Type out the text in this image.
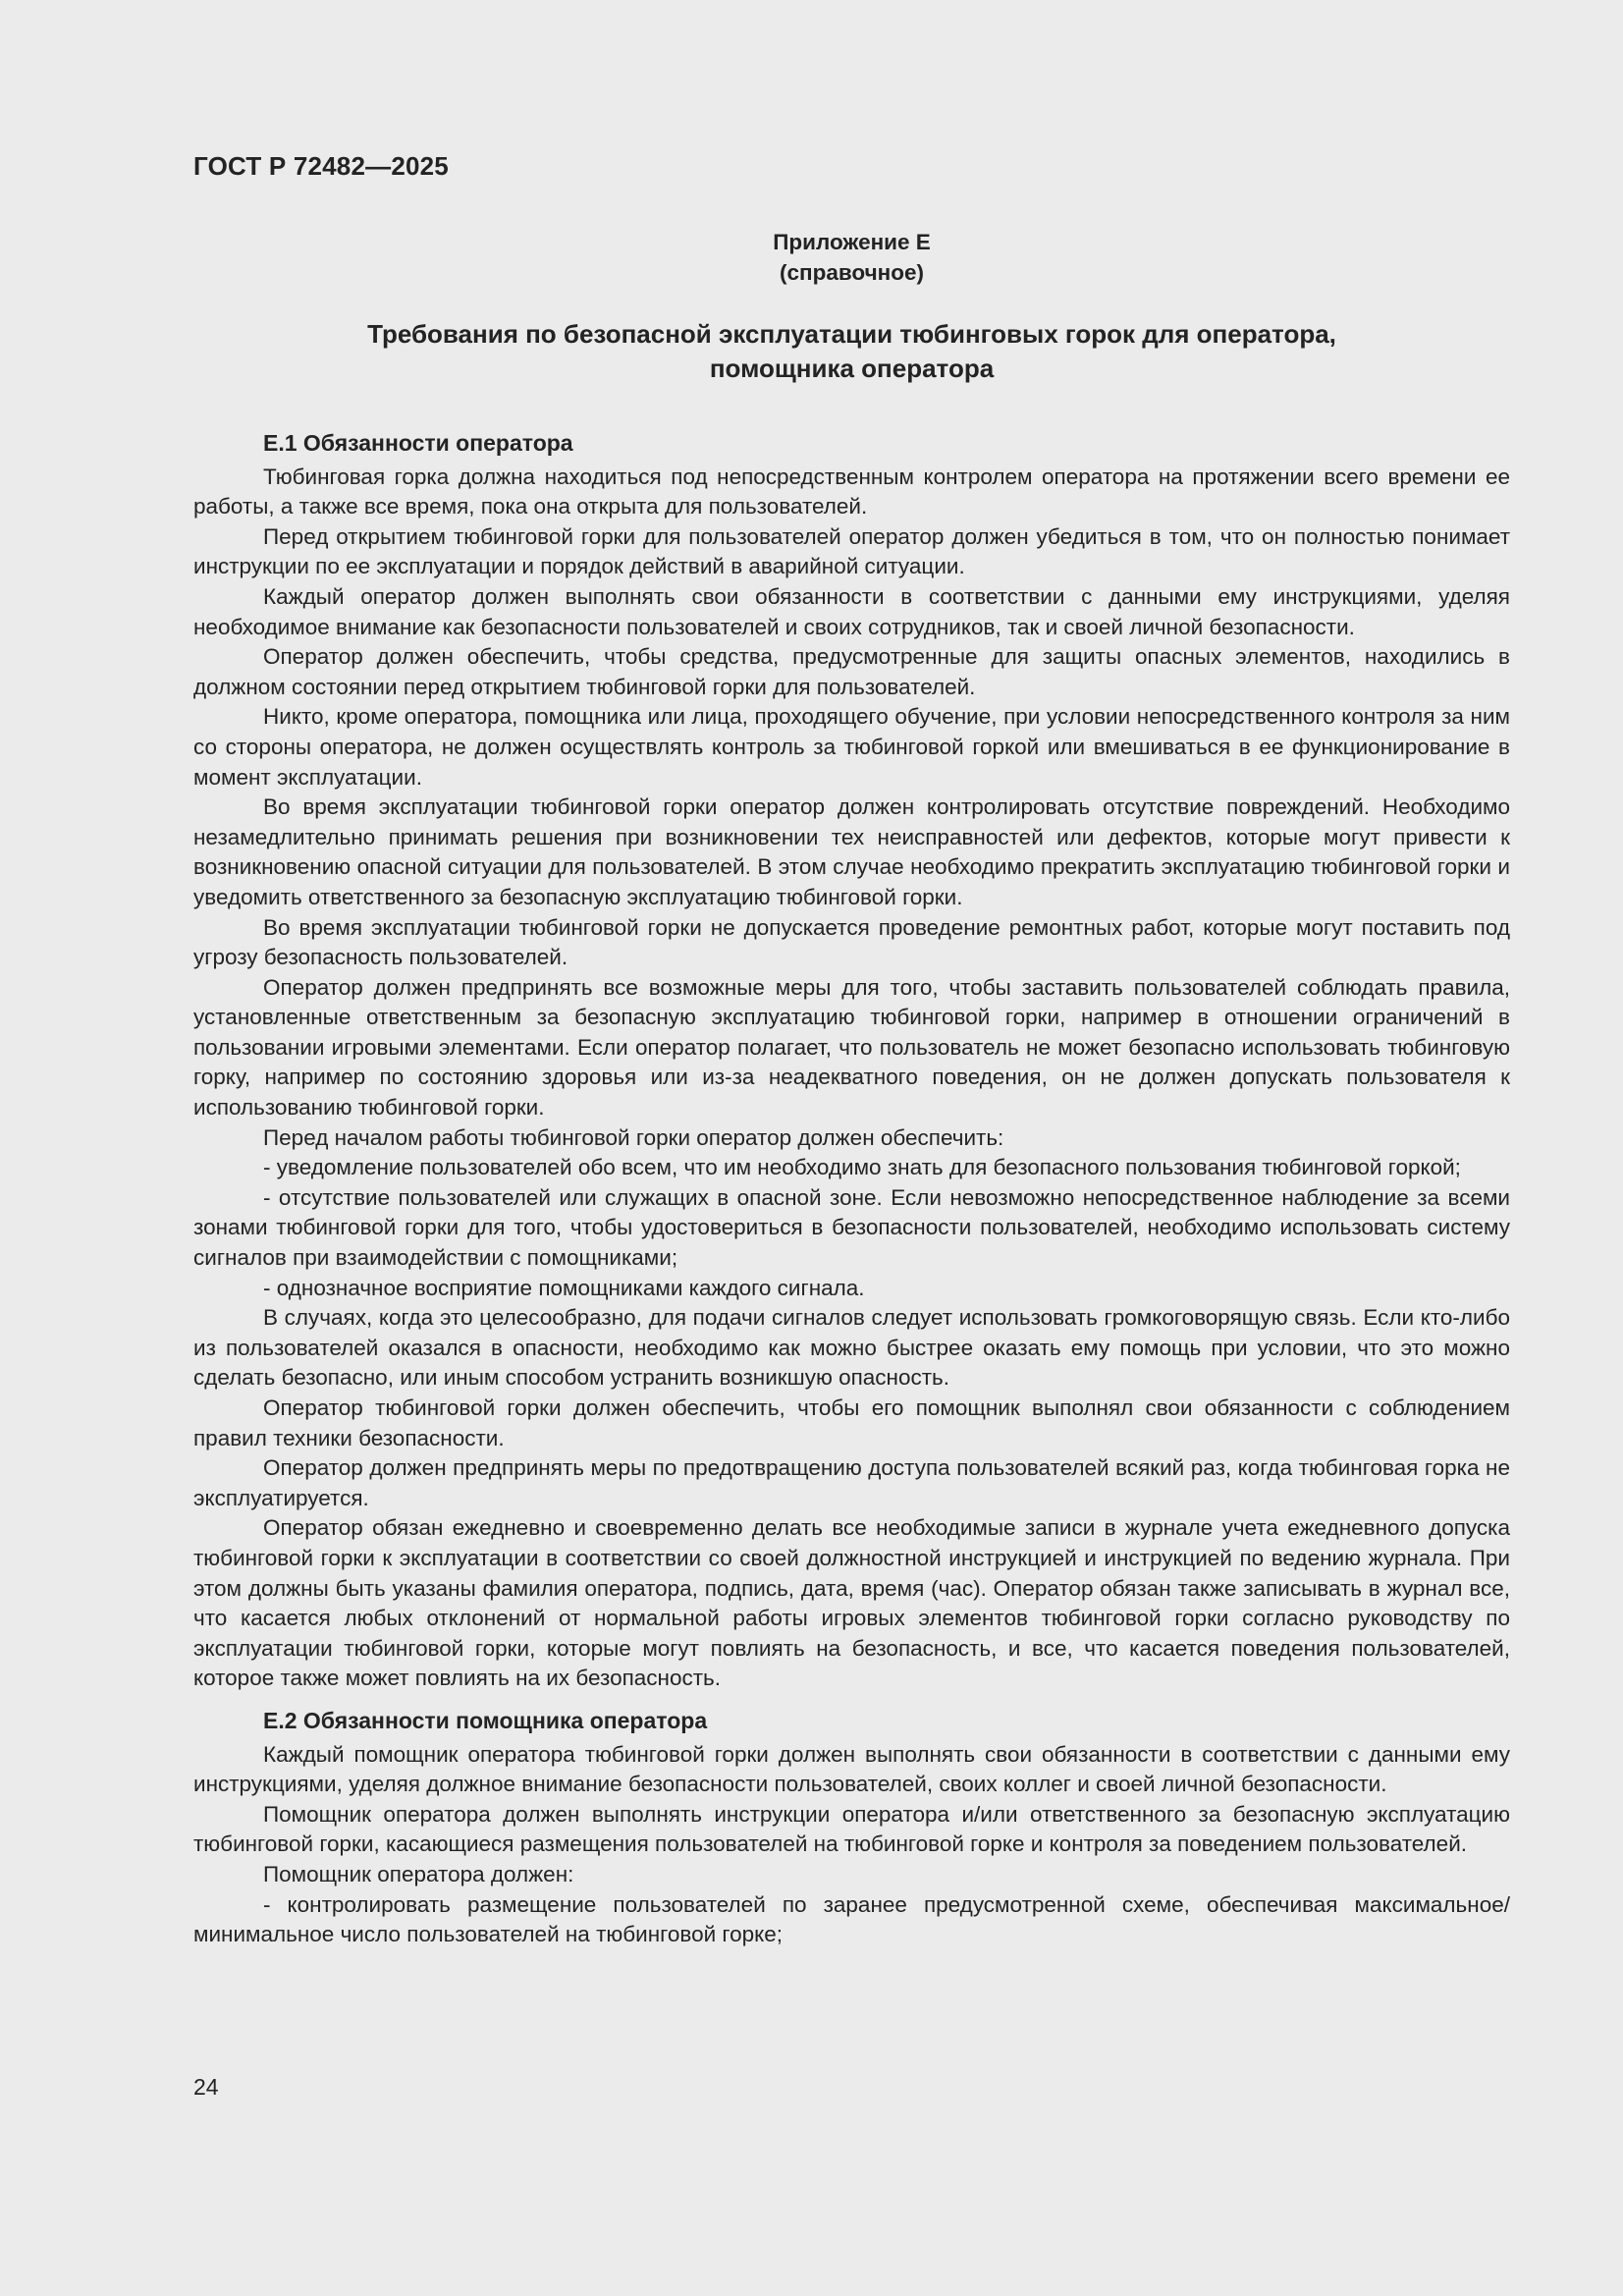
ГОСТ Р 72482—2025
Приложение Е
(справочное)
Требования по безопасной эксплуатации тюбинговых горок для оператора,
помощника оператора
Е.1 Обязанности оператора

Тюбинговая горка должна находиться под непосредственным контролем оператора на протяжении всего времени ее работы, а также все время, пока она открыта для пользователей.

Перед открытием тюбинговой горки для пользователей оператор должен убедиться в том, что он полностью понимает инструкции по ее эксплуатации и порядок действий в аварийной ситуации.

Каждый оператор должен выполнять свои обязанности в соответствии с данными ему инструкциями, уделяя необходимое внимание как безопасности пользователей и своих сотрудников, так и своей личной безопасности.

Оператор должен обеспечить, чтобы средства, предусмотренные для защиты опасных элементов, находились в должном состоянии перед открытием тюбинговой горки для пользователей.

Никто, кроме оператора, помощника или лица, проходящего обучение, при условии непосредственного контроля за ним со стороны оператора, не должен осуществлять контроль за тюбинговой горкой или вмешиваться в ее функционирование в момент эксплуатации.

Во время эксплуатации тюбинговой горки оператор должен контролировать отсутствие повреждений. Необходимо незамедлительно принимать решения при возникновении тех неисправностей или дефектов, которые могут привести к возникновению опасной ситуации для пользователей. В этом случае необходимо прекратить эксплуатацию тюбинговой горки и уведомить ответственного за безопасную эксплуатацию тюбинговой горки.

Во время эксплуатации тюбинговой горки не допускается проведение ремонтных работ, которые могут поставить под угрозу безопасность пользователей.

Оператор должен предпринять все возможные меры для того, чтобы заставить пользователей соблюдать правила, установленные ответственным за безопасную эксплуатацию тюбинговой горки, например в отношении ограничений в пользовании игровыми элементами. Если оператор полагает, что пользователь не может безопасно использовать тюбинговую горку, например по состоянию здоровья или из-за неадекватного поведения, он не должен допускать пользователя к использованию тюбинговой горки.

Перед началом работы тюбинговой горки оператор должен обеспечить:

- уведомление пользователей обо всем, что им необходимо знать для безопасного пользования тюбинговой горкой;

- отсутствие пользователей или служащих в опасной зоне. Если невозможно непосредственное наблюдение за всеми зонами тюбинговой горки для того, чтобы удостовериться в безопасности пользователей, необходимо использовать систему сигналов при взаимодействии с помощниками;

- однозначное восприятие помощниками каждого сигнала.

В случаях, когда это целесообразно, для подачи сигналов следует использовать громкоговорящую связь. Если кто-либо из пользователей оказался в опасности, необходимо как можно быстрее оказать ему помощь при условии, что это можно сделать безопасно, или иным способом устранить возникшую опасность.

Оператор тюбинговой горки должен обеспечить, чтобы его помощник выполнял свои обязанности с соблюдением правил техники безопасности.

Оператор должен предпринять меры по предотвращению доступа пользователей всякий раз, когда тюбинговая горка не эксплуатируется.

Оператор обязан ежедневно и своевременно делать все необходимые записи в журнале учета ежедневного допуска тюбинговой горки к эксплуатации в соответствии со своей должностной инструкцией и инструкцией по ведению журнала. При этом должны быть указаны фамилия оператора, подпись, дата, время (час). Оператор обязан также записывать в журнал все, что касается любых отклонений от нормальной работы игровых элементов тюбинговой горки согласно руководству по эксплуатации тюбинговой горки, которые могут повлиять на безопасность, и все, что касается поведения пользователей, которое также может повлиять на их безопасность.

Е.2 Обязанности помощника оператора

Каждый помощник оператора тюбинговой горки должен выполнять свои обязанности в соответствии с данными ему инструкциями, уделяя должное внимание безопасности пользователей, своих коллег и своей личной безопасности.

Помощник оператора должен выполнять инструкции оператора и/или ответственного за безопасную эксплуатацию тюбинговой горки, касающиеся размещения пользователей на тюбинговой горке и контроля за поведением пользователей.

Помощник оператора должен:

- контролировать размещение пользователей по заранее предусмотренной схеме, обеспечивая максимальное/минимальное число пользователей на тюбинговой горке;

24
